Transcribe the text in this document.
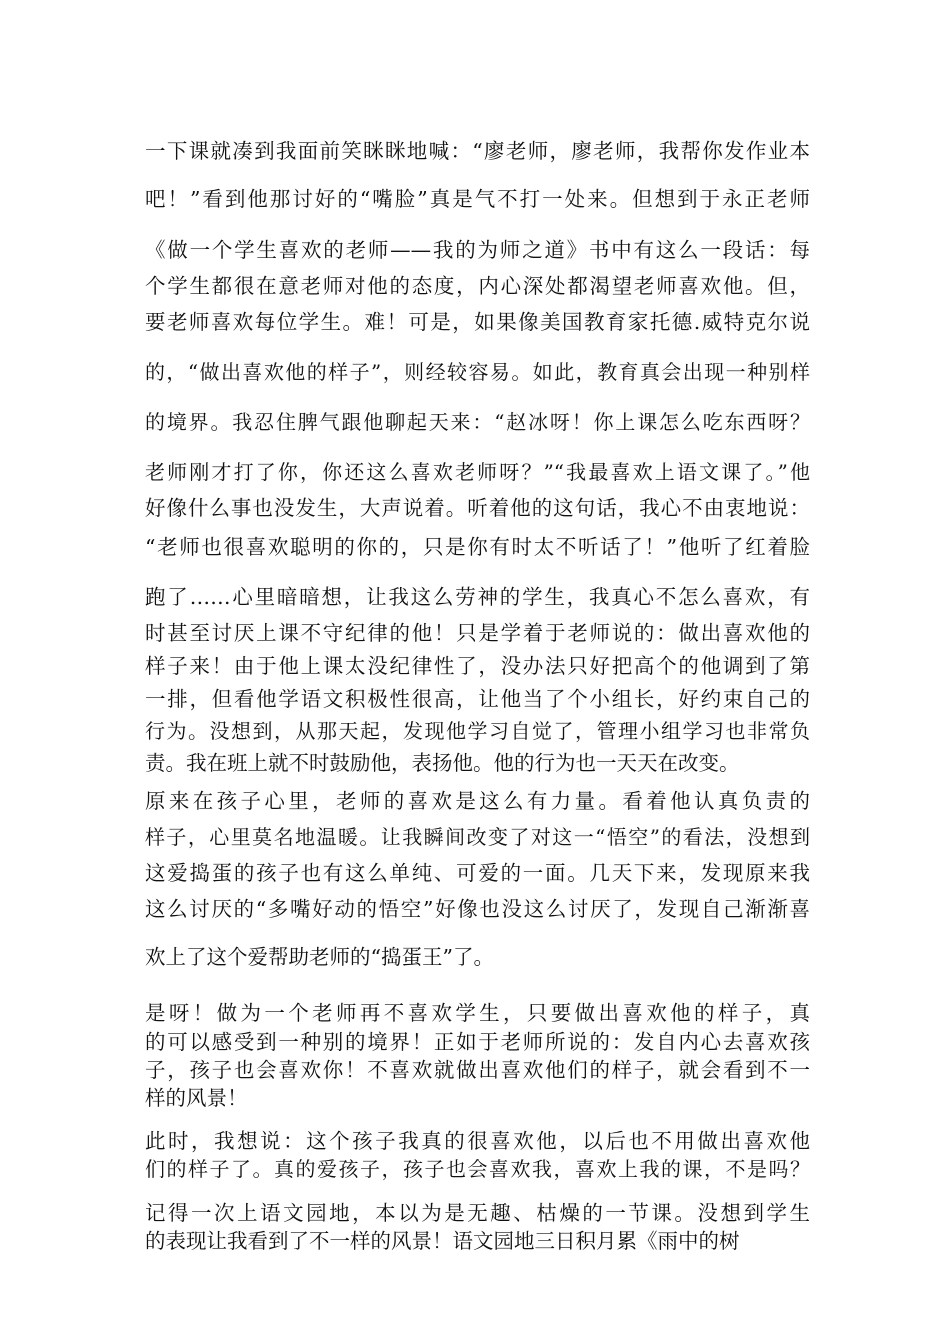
一下课就凑到我面前笑眯眯地喊：“廖老师，廖老师，我帮你发作业本
吧！”看到他那讨好的“嘴脸”真是气不打一处来。但想到于永正老师
《做一个学生喜欢的老师——我的为师之道》书中有这么一段话：每
个学生都很在意老师对他的态度，内心深处都渴望老师喜欢他。但，
要老师喜欢每位学生。难！可是，如果像美国教育家托德.威特克尔说
的，“做出喜欢他的样子”，则经较容易。如此，教育真会出现一种别样
的境界。我忍住脾气跟他聊起天来：“赵冰呀！你上课怎么吃东西呀？
老师刚才打了你，你还这么喜欢老师呀？”“我最喜欢上语文课了。”他
好像什么事也没发生，大声说着。听着他的这句话，我心不由衷地说：
“老师也很喜欢聪明的你的，只是你有时太不听话了！”他听了红着脸
跑了……心里暗暗想，让我这么劳神的学生，我真心不怎么喜欢，有
时甚至讨厌上课不守纪律的他！只是学着于老师说的：做出喜欢他的
样子来！由于他上课太没纪律性了，没办法只好把高个的他调到了第
一排，但看他学语文积极性很高，让他当了个小组长，好约束自己的
行为。没想到，从那天起，发现他学习自觉了，管理小组学习也非常负
责。我在班上就不时鼓励他，表扬他。他的行为也一天天在改变。
原来在孩子心里，老师的喜欢是这么有力量。看着他认真负责的
样子，心里莫名地温暖。让我瞬间改变了对这一“悟空”的看法，没想到
这爱捣蛋的孩子也有这么单纯、可爱的一面。几天下来，发现原来我
这么讨厌的“多嘴好动的悟空”好像也没这么讨厌了，发现自己渐渐喜
欢上了这个爱帮助老师的“捣蛋王”了。
是呀！做为一个老师再不喜欢学生，只要做出喜欢他的样子，真
的可以感受到一种别的境界！正如于老师所说的：发自内心去喜欢孩
子，孩子也会喜欢你！不喜欢就做出喜欢他们的样子，就会看到不一
样的风景！
此时，我想说：这个孩子我真的很喜欢他，以后也不用做出喜欢他
们的样子了。真的爱孩子，孩子也会喜欢我，喜欢上我的课，不是吗？
记得一次上语文园地，本以为是无趣、枯燥的一节课。没想到学生
的表现让我看到了不一样的风景！语文园地三日积月累《雨中的树
